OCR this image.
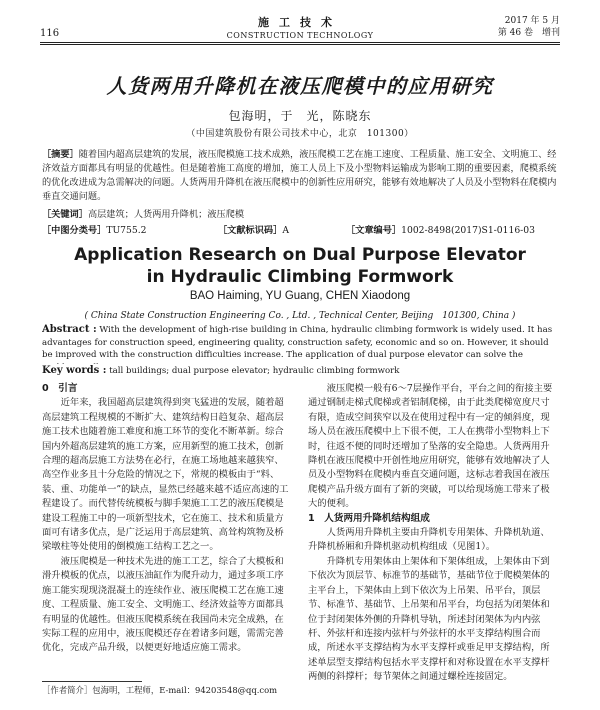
116
施工技术
CONSTRUCTION TECHNOLOGY
2017 年 5 月
第 46 卷　增刊
人货两用升降机在液压爬模中的应用研究
包海明，于　光，陈晓东
（中国建筑股份有限公司技术中心，北京　101300）
［摘要］随着国内超高层建筑的发展，液压爬模施工技术成熟，液压爬模工艺在施工速度、工程质量、施工安全、文明施工、经济效益方面都具有明显的优越性。但是随着施工高度的增加，施工人员上下及小型物料运输成为影响工期的重要因素，爬模系统的优化改进成为急需解决的问题。人货两用升降机在液压爬模中的创新性应用研究，能够有效地解决了人员及小型物料在爬模内垂直交通问题。
［关键词］高层建筑；人货两用升降机；液压爬模
［中图分类号］TU755.2	［文献标识码］A	［文章编号］1002-8498(2017)S1-0116-03
Application Research on Dual Purpose Elevator
in Hydraulic Climbing Formwork
BAO Haiming, YU Guang, CHEN Xiaodong
( China State Construction Engineering Co. , Ltd. , Technical Center, Beijing　101300, China )
Abstract : With the development of high-rise building in China, hydraulic climbing formwork is widely used. It has advantages for construction speed, engineering quality, construction safety, economic and so on. However, it should be improved with the construction difficulties increase. The application of dual purpose elevator can solve the
Key words : tall buildings; dual purpose elevator; hydraulic climbing formwork
0　引言

近年来，我国超高层建筑得到突飞猛进的发展，随着超高层建筑工程规模的不断扩大、建筑结构日趋复杂、超高层施工技术也随着施工难度和施工环节的变化不断革新。综合国内外超高层建筑的施工方案，应用新型的施工技术，创新合理的超高层施工方法势在必行，在施工场地越来越狭窄、高空作业多且十分危险的情况之下，常规的模板由于“料、装、重、功能单一”的缺点，显然已经越来越不适应高速的工程建设了。而代替传统模板与脚手架施工工艺的液压爬模是建设工程施工中的一项新型技术，它在施工、技术和质量方面可有诸多优点，是广泛运用于高层建筑、高耸构筑物及桥梁墩柱等处使用的倒模施工结构工艺之一。

液压爬模是一种技术先进的施工工艺，综合了大模板和滑升模板的优点，以液压油缸作为爬升动力，通过多项工序施工能实现现浇混凝土的连续作业、液压爬模工艺在施工速度、工程质量、施工安全、文明施工、经济效益等方面都具有明显的优越性。但液压爬模系统在我国尚未完全成熟，在实际工程的应用中，液压爬模还存在着诸多问题，需需完善优化，完成产品升级，以便更好地适应施工需求。

液压爬模一般有6～7层操作平台，平台之间的衔接主要通过钢制走梯式爬梯或者铝制爬梯，由于此类爬梯宽度尺寸有限，造成空间狭窄以及在使用过程中有一定的倾斜度，现场人员在液压爬模中上下很不便，工人在携带小型物料上下时，往返不便的同时还增加了坠落的安全隐患。人货两用升降机在液压爬模中开创性地应用研究，能够有效地解决了人员及小型物料在爬模内垂直交通问题，这标志着我国在液压爬模产品升级方面有了新的突破，可以给现场施工带来了极大的便利。

1　人货两用升降机结构组成

人货两用升降机主要由升降机专用架体、升降机轨道、升降机桥厢和升降机驱动机构组成（见图1）。

升降机专用架体由上架体和下架体组成，上架体由下到下依次为顶层节、标准节的基础节，基础节位于爬模架体的主平台上，下架体由上到下依次为上吊架、吊平台，顶层节、标准节、基础节、上吊架和吊平台，均包括为闭架体和位于封闭架体外侧的升降机导轨，所述封闭架体为内内弦杆、外弦杆和连接内弦杆与外弦杆的水平支撑结构围合而成，所述水平支撑结构为水平支撑杆或垂足甲支撑结构，所述单层型支撑结构包括水平支撑杆和对称设置在水平支撑杆两侧的斜撑杆；每节架体之间通过螺栓连接固定。

［作者简介］包海明，工程师，E-mail：94203548@qq.com
